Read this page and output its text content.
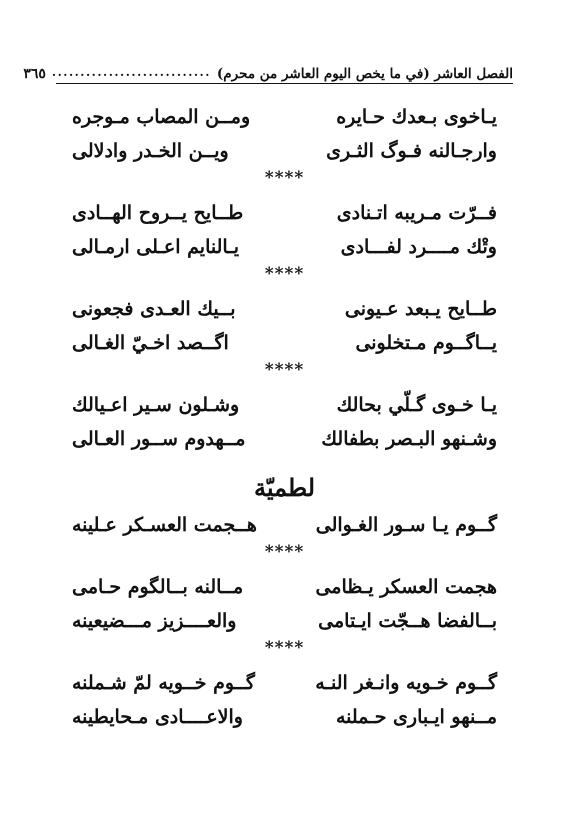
الفصل العاشر (في ما يخص اليوم العاشر من محرم)
............................
٣٦٥
يـاخوى بـعدك حـايره
ومــن المصاب مـوجره
وارجـالنه فـوگ الثـرى
ويــن الخـدر وادلالى
****
فــرّت مـريبه اتـنادى
طــايح يــروح الهــادى
وتْك مــــرد لفـــادى
يـالنايم اعـلى ارمـالى
****
طــايح يـبعد عـيونى
بــيك العـدى فجعونى
يــاگــوم مـتخلونى
اگــصد اخـيّ الغـالى
****
يـا خـوى گـلّي بحالك
وشـلون سـير اعـيالك
وشـنهو البـصر بطفالك
مــهدوم ســور العـالى
لطميّة
گــوم يـا سـور الغـوالى
هــجمت العسـكر عـلينه
****
هجمت العسكر يـظامى
مــالنه بــالگوم حـامى
بــالفضا هــجّت ايـتامى
والعــــزيز مـــضيعينه
****
گــوم خـويه وانـغر النـه
گــوم خــويه لمّ شـملنه
مــنهو ايـبارى حـملنه
والاعــــادى مـحايطينه
